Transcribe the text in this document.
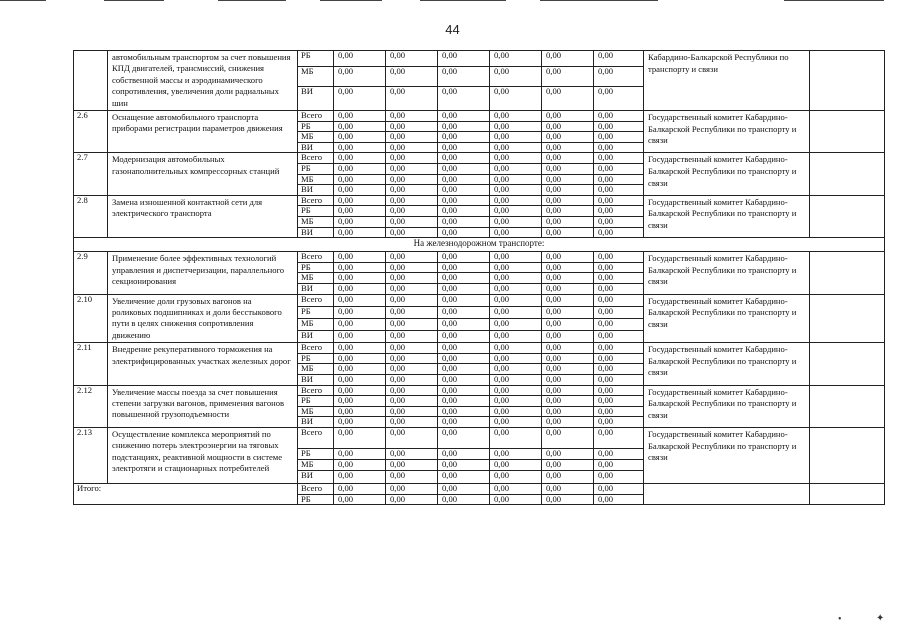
44
	автомобильным транспортом за счет повышения КПД двигателей, трансмиссий, снижения собственной массы и аэродинамического сопротивления, увеличения доли радиальных шин	РБ	0,00	0,00	0,00	0,00	0,00	0,00	Кабардино-Балкарской Республики по транспорту и связи	
		МБ	0,00	0,00	0,00	0,00	0,00	0,00		
		ВИ	0,00	0,00	0,00	0,00	0,00	0,00		
2.6	Оснащение автомобильного транспорта приборами регистрации параметров движения	Всего	0,00	0,00	0,00	0,00	0,00	0,00	Государственный комитет Кабардино-Балкарской Республики по транспорту и связи	
		РБ	0,00	0,00	0,00	0,00	0,00	0,00		
		МБ	0,00	0,00	0,00	0,00	0,00	0,00		
		ВИ	0,00	0,00	0,00	0,00	0,00	0,00		
2.7	Модернизация автомобильных газонаполнительных компрессорных станций	Всего	0,00	0,00	0,00	0,00	0,00	0,00	Государственный комитет Кабардино-Балкарской Республики по транспорту и связи	
		РБ	0,00	0,00	0,00	0,00	0,00	0,00		
		МБ	0,00	0,00	0,00	0,00	0,00	0,00		
		ВИ	0,00	0,00	0,00	0,00	0,00	0,00		
2.8	Замена изношенной контактной сети для электрического транспорта	Всего	0,00	0,00	0,00	0,00	0,00	0,00	Государственный комитет Кабардино-Балкарской Республики по транспорту и связи	
		РБ	0,00	0,00	0,00	0,00	0,00	0,00		
		МБ	0,00	0,00	0,00	0,00	0,00	0,00		
		ВИ	0,00	0,00	0,00	0,00	0,00	0,00		
На железнодорожном транспорте:										
2.9	Применение более эффективных технологий управления и диспетчеризации, параллельного секционирования	Всего	0,00	0,00	0,00	0,00	0,00	0,00	Государственный комитет Кабардино-Балкарской Республики по транспорту и связи	
		РБ	0,00	0,00	0,00	0,00	0,00	0,00		
		МБ	0,00	0,00	0,00	0,00	0,00	0,00		
		ВИ	0,00	0,00	0,00	0,00	0,00	0,00		
2.10	Увеличение доли грузовых вагонов на роликовых подшипниках и доли бесстыкового пути в целях снижения сопротивления движению	Всего	0,00	0,00	0,00	0,00	0,00	0,00	Государственный комитет Кабардино-Балкарской Республики по транспорту и связи	
		РБ	0,00	0,00	0,00	0,00	0,00	0,00		
		МБ	0,00	0,00	0,00	0,00	0,00	0,00		
		ВИ	0,00	0,00	0,00	0,00	0,00	0,00		
2.11	Внедрение рекуперативного торможения на электрифицированных участках железных дорог	Всего	0,00	0,00	0,00	0,00	0,00	0,00	Государственный комитет Кабардино-Балкарской Республики по транспорту и связи	
		РБ	0,00	0,00	0,00	0,00	0,00	0,00		
		МБ	0,00	0,00	0,00	0,00	0,00	0,00		
		ВИ	0,00	0,00	0,00	0,00	0,00	0,00		
2.12	Увеличение массы поезда за счет повышения степени загрузки вагонов, применения вагонов повышенной грузоподъемности	Всего	0,00	0,00	0,00	0,00	0,00	0,00	Государственный комитет Кабардино-Балкарской Республики по транспорту и связи	
		РБ	0,00	0,00	0,00	0,00	0,00	0,00		
		МБ	0,00	0,00	0,00	0,00	0,00	0,00		
		ВИ	0,00	0,00	0,00	0,00	0,00	0,00		
2.13	Осуществление комплекса мероприятий по снижению потерь электроэнергии на тяговых подстанциях, реактивной мощности в системе электротяги и стационарных потребителей	Всего	0,00	0,00	0,00	0,00	0,00	0,00	Государственный комитет Кабардино-Балкарской Республики по транспорту и связи	
		РБ	0,00	0,00	0,00	0,00	0,00	0,00		
		МБ	0,00	0,00	0,00	0,00	0,00	0,00		
		ВИ	0,00	0,00	0,00	0,00	0,00	0,00		
Итого:		Всего	0,00	0,00	0,00	0,00	0,00	0,00		
		РБ	0,00	0,00	0,00	0,00	0,00	0,00		
•	✦
